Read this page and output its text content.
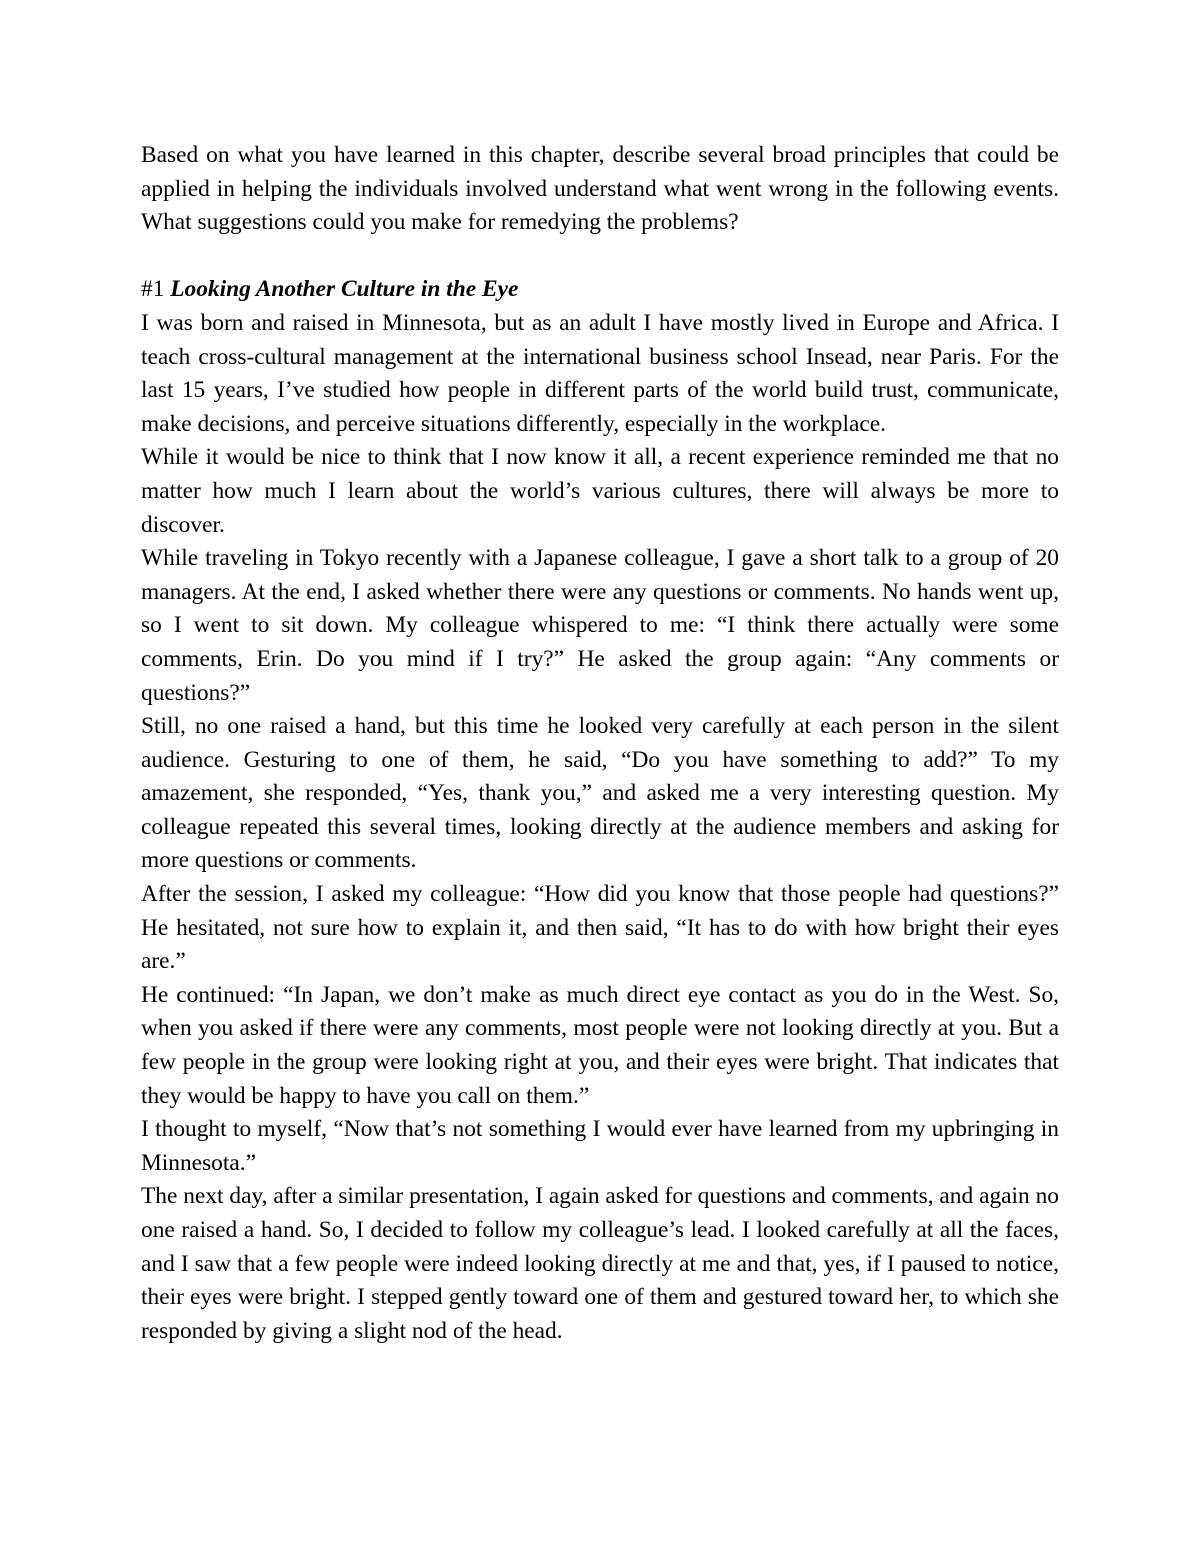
Based on what you have learned in this chapter, describe several broad principles that could be applied in helping the individuals involved understand what went wrong in the following events. What suggestions could you make for remedying the problems?

#1 Looking Another Culture in the Eye

I was born and raised in Minnesota, but as an adult I have mostly lived in Europe and Africa. I teach cross-cultural management at the international business school Insead, near Paris. For the last 15 years, I’ve studied how people in different parts of the world build trust, communicate, make decisions, and perceive situations differently, especially in the workplace.

While it would be nice to think that I now know it all, a recent experience reminded me that no matter how much I learn about the world’s various cultures, there will always be more to discover.

While traveling in Tokyo recently with a Japanese colleague, I gave a short talk to a group of 20 managers. At the end, I asked whether there were any questions or comments. No hands went up, so I went to sit down. My colleague whispered to me: “I think there actually were some comments, Erin. Do you mind if I try?” He asked the group again: “Any comments or questions?”

Still, no one raised a hand, but this time he looked very carefully at each person in the silent audience. Gesturing to one of them, he said, “Do you have something to add?” To my amazement, she responded, “Yes, thank you,” and asked me a very interesting question. My colleague repeated this several times, looking directly at the audience members and asking for more questions or comments.

After the session, I asked my colleague: “How did you know that those people had questions?” He hesitated, not sure how to explain it, and then said, “It has to do with how bright their eyes are.”

He continued: “In Japan, we don’t make as much direct eye contact as you do in the West. So, when you asked if there were any comments, most people were not looking directly at you. But a few people in the group were looking right at you, and their eyes were bright. That indicates that they would be happy to have you call on them.”

I thought to myself, “Now that’s not something I would ever have learned from my upbringing in Minnesota.”

The next day, after a similar presentation, I again asked for questions and comments, and again no one raised a hand. So, I decided to follow my colleague’s lead. I looked carefully at all the faces, and I saw that a few people were indeed looking directly at me and that, yes, if I paused to notice, their eyes were bright. I stepped gently toward one of them and gestured toward her, to which she responded by giving a slight nod of the head.
